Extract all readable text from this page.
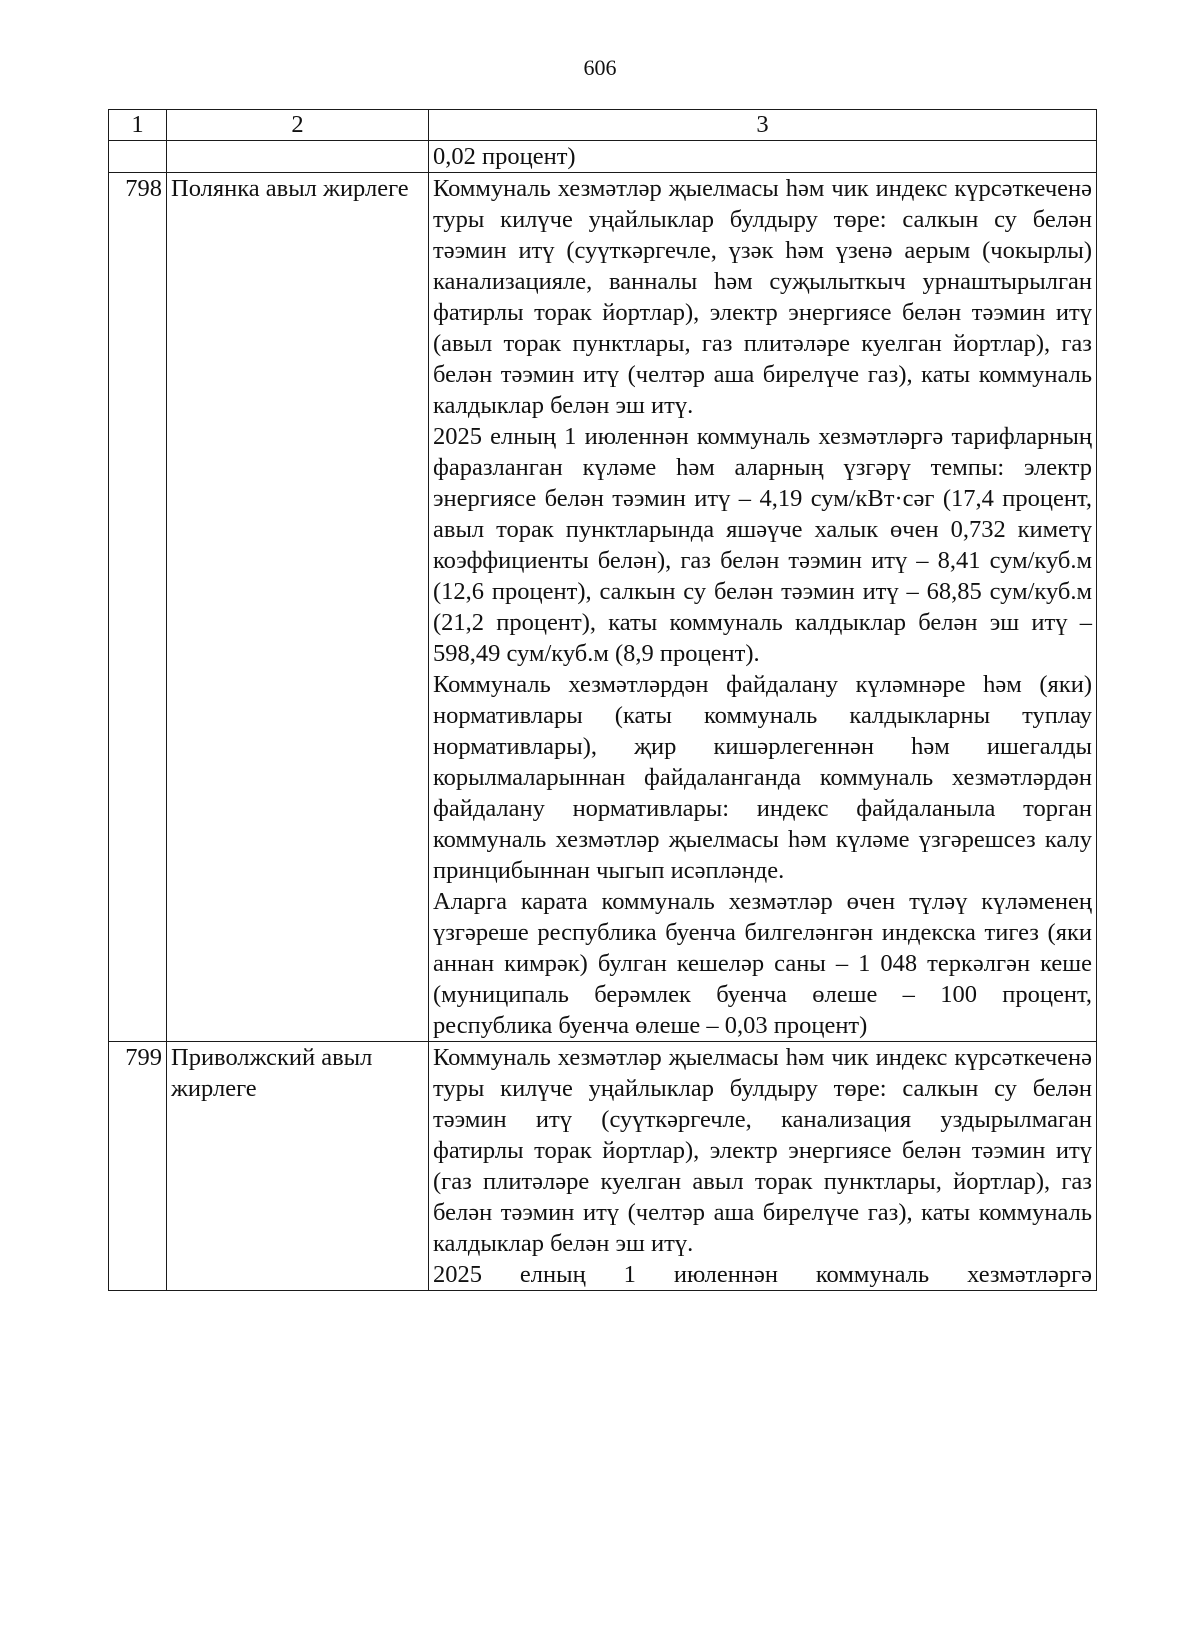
606
1	2	3
		0,02 процент)
798	Полянка авыл жирлеге	Коммуналь хезмәтләр җыелмасы һәм чик индекс күрсәткеченә туры килүче уңайлыклар булдыру төре: салкын су белән тәэмин итү (суүткәргечле, үзәк һәм үзенә аерым (чокырлы) канализацияле, ванналы һәм суҗылыткыч урнаштырылган фатирлы торак йортлар), электр энергиясе белән тәэмин итү (авыл торак пунктлары, газ плитәләре куелган йортлар), газ белән тәэмин итү (челтәр аша бирелүче газ), каты коммуналь калдыклар белән эш итү.
2025 елның 1 июленнән коммуналь хезмәтләргә тарифларның фаразланган күләме һәм аларның үзгәрү темпы: электр энергиясе белән тәэмин итү – 4,19 сум/кВт·сәг (17,4 процент, авыл торак пунктларында яшәүче халык өчен 0,732 киметү коэффициенты белән), газ белән тәэмин итү – 8,41 сум/куб.м (12,6 процент), салкын су белән тәэмин итү – 68,85 сум/куб.м (21,2 процент), каты коммуналь калдыклар белән эш итү – 598,49 сум/куб.м (8,9 процент).
Коммуналь хезмәтләрдән файдалану күләмнәре һәм (яки) нормативлары (каты коммуналь калдыкларны туплау нормативлары), җир кишәрлегеннән һәм ишегалды корылмаларыннан файдаланганда коммуналь хезмәтләрдән файдалану нормативлары: индекс файдаланыла торган коммуналь хезмәтләр җыелмасы һәм күләме үзгәрешсез калу принцибыннан чыгып исәпләнде.
Аларга карата коммуналь хезмәтләр өчен түләү күләменең үзгәреше республика буенча билгеләнгән индекска тигез (яки аннан кимрәк) булган кешеләр саны – 1 048 теркәлгән кеше (муниципаль берәмлек буенча өлеше – 100 процент, республика буенча өлеше – 0,03 процент)

799	Приволжский авыл жирлеге	Коммуналь хезмәтләр җыелмасы һәм чик индекс күрсәткеченә туры килүче уңайлыклар булдыру төре: салкын су белән тәэмин итү (суүткәргечле, канализация уздырылмаган фатирлы торак йортлар), электр энергиясе белән тәэмин итү (газ плитәләре куелган авыл торак пунктлары, йортлар), газ белән тәэмин итү (челтәр аша бирелүче газ), каты коммуналь калдыклар белән эш итү.
2025 елның 1 июленнән коммуналь хезмәтләргә
